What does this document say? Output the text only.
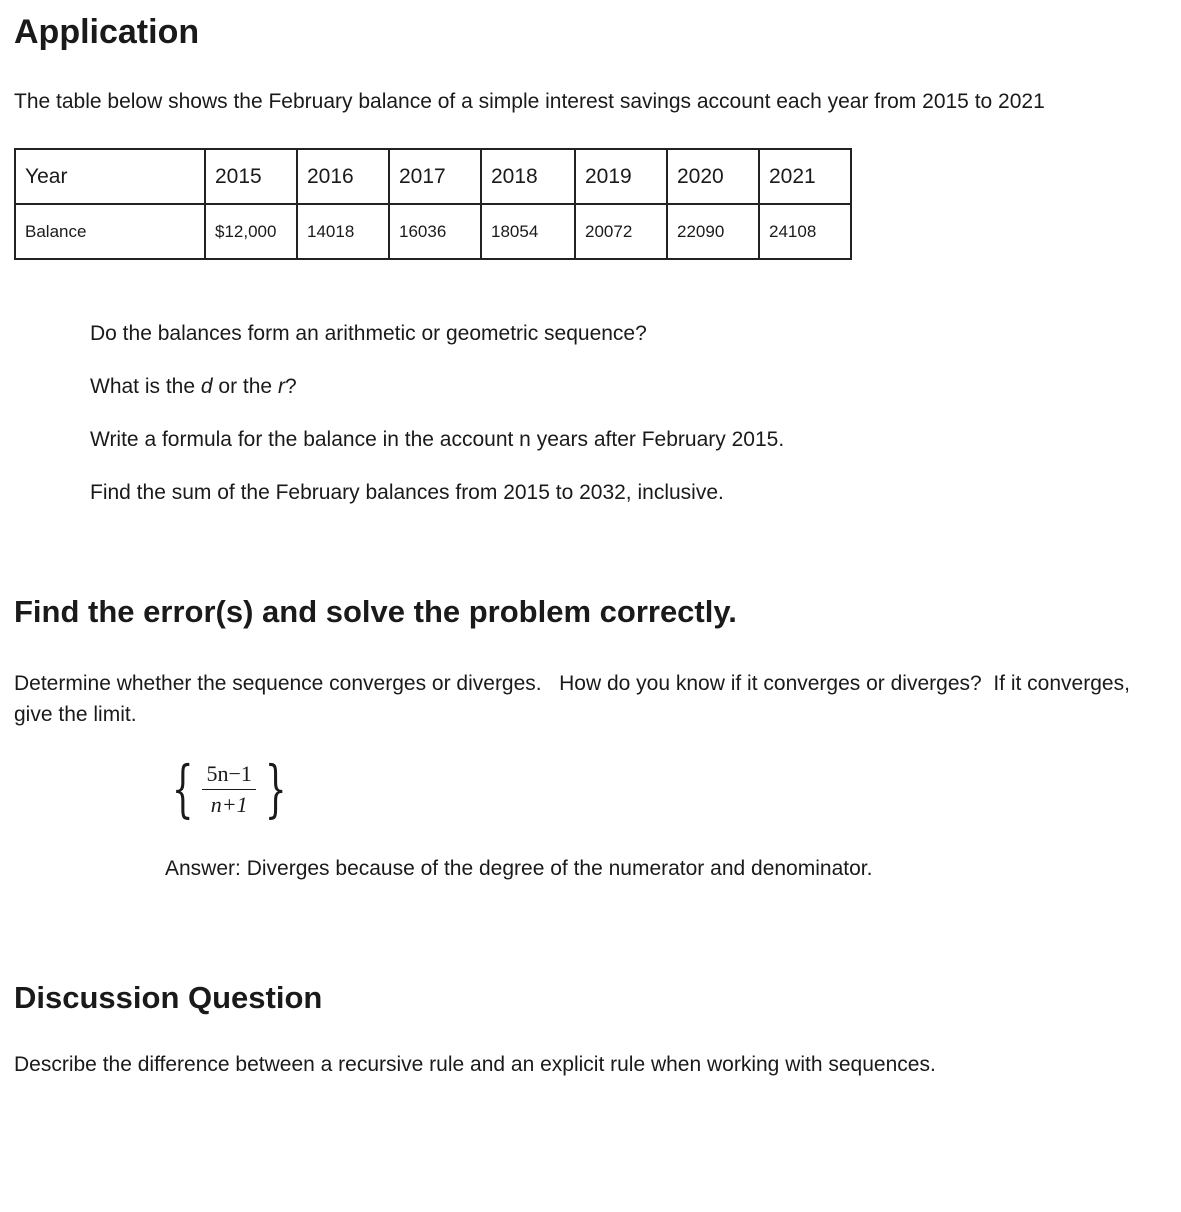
Application

The table below shows the February balance of a simple interest savings account each year from 2015 to 2021

Year	2015	2016	2017	2018	2019	2020	2021
Balance	$12,000	14018	16036	18054	20072	22090	24108

Do the balances form an arithmetic or geometric sequence?

What is the d or the r?

Write a formula for the balance in the account n years after February 2015.

Find the sum of the February balances from 2015 to 2032, inclusive.

Find the error(s) and solve the problem correctly.

Determine whether the sequence converges or diverges.   How do you know if it converges or diverges?  If it converges, give the limit.

{ $\frac{5n-1}{n+1}$ }

Answer: Diverges because of the degree of the numerator and denominator.

Discussion Question

Describe the difference between a recursive rule and an explicit rule when working with sequences.
